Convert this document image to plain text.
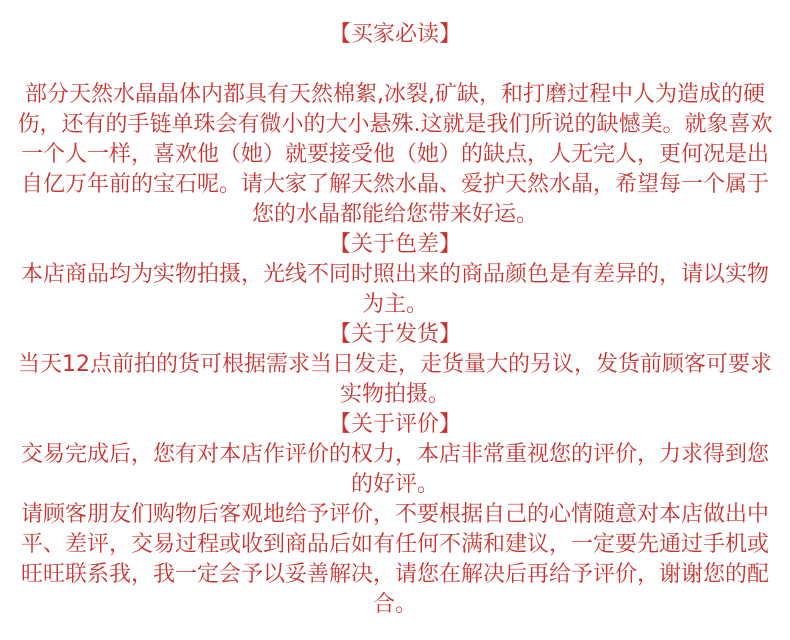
【买家必读】

部分天然水晶晶体内都具有天然棉絮,冰裂,矿缺，和打磨过程中人为造成的硬伤，还有的手链单珠会有微小的大小悬殊.这就是我们所说的缺憾美。就象喜欢一个人一样，喜欢他（她）就要接受他（她）的缺点，人无完人，更何况是出自亿万年前的宝石呢。请大家了解天然水晶、爱护天然水晶，希望每一个属于您的水晶都能给您带来好运。

【关于色差】

本店商品均为实物拍摄，光线不同时照出来的商品颜色是有差异的，请以实物为主。

【关于发货】

当天12点前拍的货可根据需求当日发走，走货量大的另议，发货前顾客可要求实物拍摄。

【关于评价】

交易完成后，您有对本店作评价的权力，本店非常重视您的评价，力求得到您的好评。

请顾客朋友们购物后客观地给予评价，不要根据自己的心情随意对本店做出中平、差评，交易过程或收到商品后如有任何不满和建议，一定要先通过手机或旺旺联系我，我一定会予以妥善解决，请您在解决后再给予评价，谢谢您的配合。
